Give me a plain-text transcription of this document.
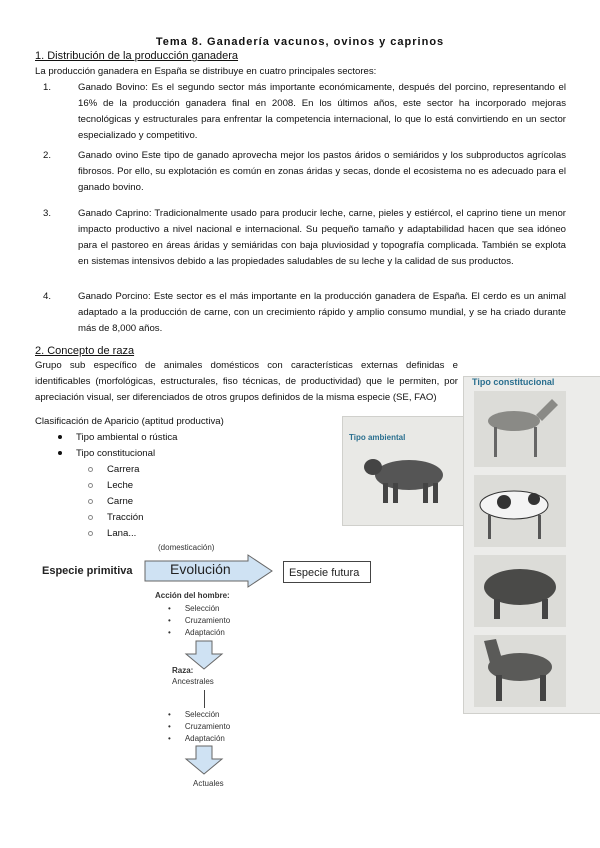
Tema 8. Ganadería vacunos, ovinos y caprinos
1. Distribución de la producción ganadera

La producción ganadera en España se distribuye en cuatro principales sectores:

1.	Ganado Bovino: Es el segundo sector más importante económicamente, después del porcino, representando el 16% de la producción ganadera final en 2008. En los últimos años, este sector ha incorporado mejoras tecnológicas y estructurales para enfrentar la competencia internacional, lo que lo está convirtiendo en un sector especializado y competitivo.

2.	Ganado ovino Este tipo de ganado aprovecha mejor los pastos áridos o semiáridos y los subproductos agrícolas fibrosos. Por ello, su explotación es común en zonas áridas y secas, donde el ecosistema no es adecuado para el ganado bovino.

3.	Ganado Caprino: Tradicionalmente usado para producir leche, carne, pieles y estiércol, el caprino tiene un menor impacto productivo a nivel nacional e internacional. Su pequeño tamaño y adaptabilidad hacen que sea idóneo para el pastoreo en áreas áridas y semiáridas con baja pluviosidad y topografía complicada. También se explota en sistemas intensivos debido a las propiedades saludables de su leche y la calidad de sus productos.

4.	Ganado Porcino: Este sector es el más importante en la producción ganadera de España. El cerdo es un animal adaptado a la producción de carne, con un crecimiento rápido y amplio consumo mundial, y se ha criado durante más de 8,000 años.

2. Concepto de raza

Grupo sub específico de animales domésticos con características externas definidas e identificables (morfológicas, estructurales, fiso técnicas, de productividad) que le permiten, por apreciación visual, ser diferenciados de otros grupos definidos de la misma especie (SE, FAO)

Clasificación de Aparicio (aptitud productiva)

Tipo ambiental o rústica
Tipo constitucional
Carrera
Leche
Carne
Tracción
Lana...
Tipo ambiental
Tipo constitucional
(domesticación)
Especie primitiva	Evolución	Especie futura
Acción del hombre:
• Selección
• Cruzamiento
• Adaptación
Raza:
Ancestrales
• Selección
• Cruzamiento
• Adaptación
Actuales
